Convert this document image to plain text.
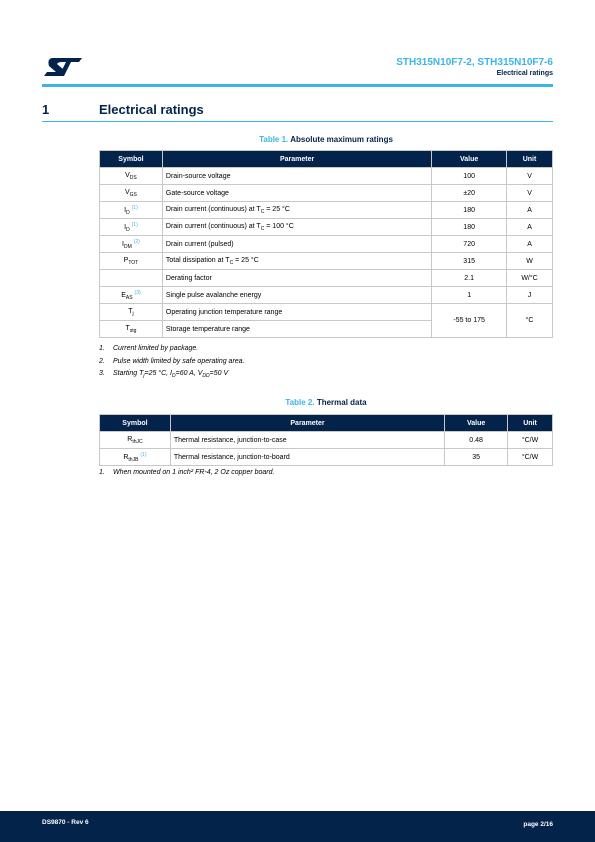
STH315N10F7-2, STH315N10F7-6
Electrical ratings
1	Electrical ratings
Table 1. Absolute maximum ratings
Symbol	Parameter	Value	Unit
$V_{DS}$	Drain-source voltage	100	V
$V_{GS}$	Gate-source voltage	±20	V
$I_D$ $^{(1)}$	Drain current (continuous) at $T_C = 25$ °C	180	A
$I_D$ $^{(1)}$	Drain current (continuous) at $T_C = 100$ °C	180	A
$I_{DM}$ $^{(2)}$	Drain current (pulsed)	720	A
$P_{TOT}$	Total dissipation at $T_C = 25$ °C	315	W
	Derating factor	2.1	W/°C
$E_{AS}$ $^{(3)}$	Single pulse avalanche energy	1	J
$T_j$	Operating junction temperature range	-55 to 175	°C
$T_{stg}$	Storage temperature range		
1. Current limited by package.
2. Pulse width limited by safe operating area.
3. Starting $T_j=25$ °C, $I_D=60$ A, $V_{DD}=50$ V
Table 2. Thermal data
Symbol	Parameter	Value	Unit
$R_{thJC}$	Thermal resistance, junction-to-case	0.48	°C/W
$R_{thJB}$ $^{(1)}$	Thermal resistance, junction-to-board	35	°C/W
1. When mounted on 1 inch² FR-4, 2 Oz copper board.
DS9870 - Rev 6	page 2/16
